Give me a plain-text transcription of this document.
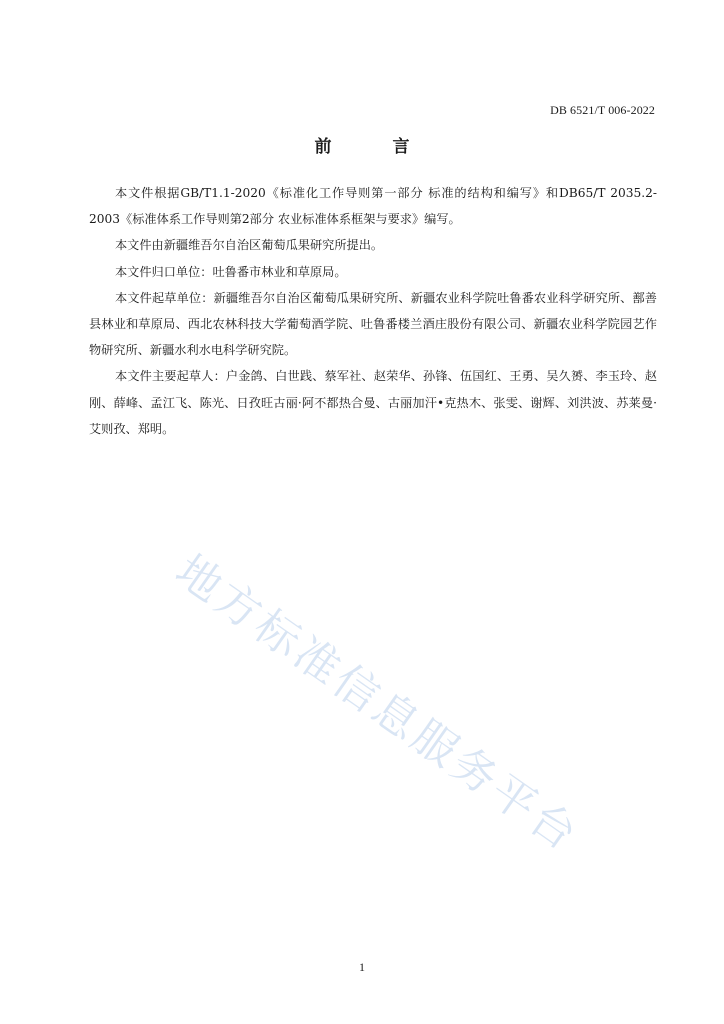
DB 6521/T 006-2022
前　言

本文件根据GB/T1.1-2020《标准化工作导则第一部分 标准的结构和编写》和DB65/T 2035.2-2003《标准体系工作导则第2部分 农业标准体系框架与要求》编写。

本文件由新疆维吾尔自治区葡萄瓜果研究所提出。

本文件归口单位：吐鲁番市林业和草原局。

本文件起草单位：新疆维吾尔自治区葡萄瓜果研究所、新疆农业科学院吐鲁番农业科学研究所、鄯善县林业和草原局、西北农林科技大学葡萄酒学院、吐鲁番楼兰酒庄股份有限公司、新疆农业科学院园艺作物研究所、新疆水利水电科学研究院。

本文件主要起草人：户金鸽、白世践、蔡军社、赵荣华、孙锋、伍国红、王勇、吴久赟、李玉玲、赵刚、薛峰、孟江飞、陈光、日孜旺古丽·阿不都热合曼、古丽加汗•克热木、张雯、谢辉、刘洪波、苏莱曼·艾则孜、郑明。

地方标准信息服务平台
1
